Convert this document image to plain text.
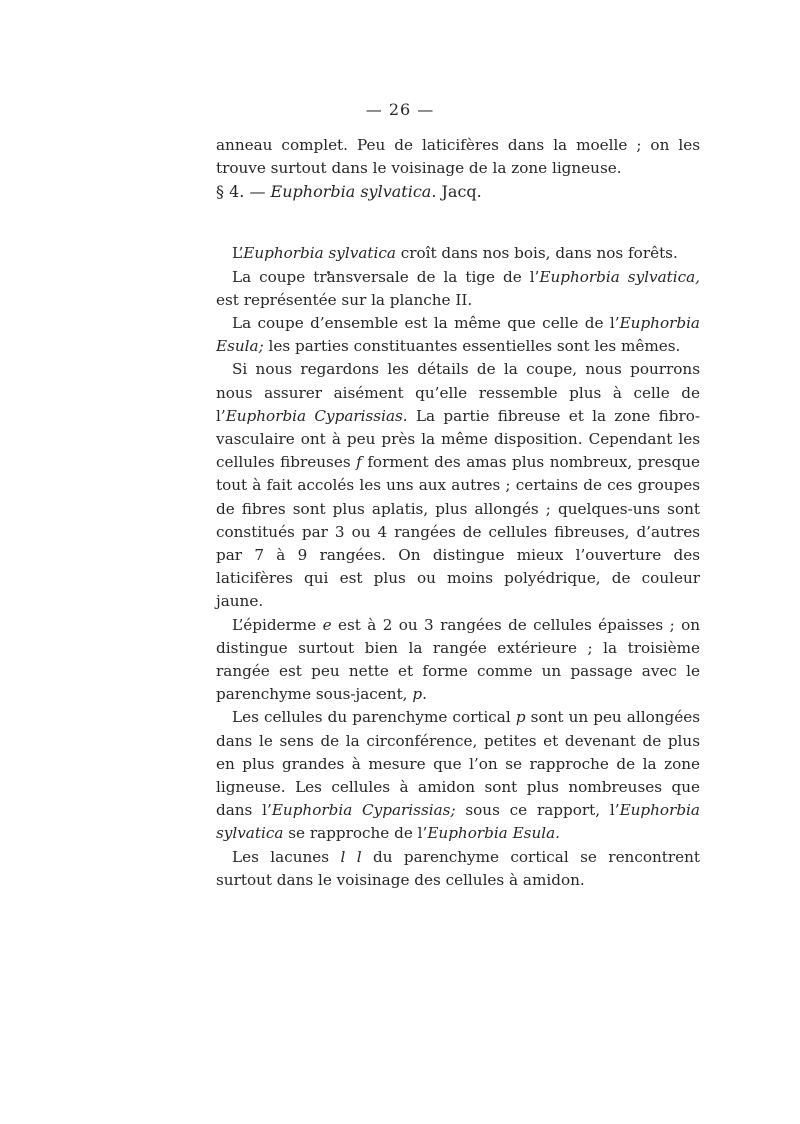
— 26 —

anneau complet. Peu de laticifères dans la moelle ; on les trouve surtout dans le voisinage de la zone ligneuse.

§ 4. — Euphorbia sylvatica. Jacq.

L’Euphorbia sylvatica croît dans nos bois, dans nos forêts.

La coupe transversale de la tige de l’Euphorbia sylvatica, est représentée sur la planche II.

La coupe d’ensemble est la même que celle de l’Euphorbia Esula; les parties constituantes essentielles sont les mêmes.

Si nous regardons les détails de la coupe, nous pourrons nous assurer aisément qu’elle ressemble plus à celle de l’Euphorbia Cyparissias. La partie fibreuse et la zone fibro-vasculaire ont à peu près la même disposition. Cependant les cellules fibreuses f forment des amas plus nombreux, presque tout à fait accolés les uns aux autres ; certains de ces groupes de fibres sont plus aplatis, plus allongés ; quelques-uns sont constitués par 3 ou 4 rangées de cellules fibreuses, d’autres par 7 à 9 rangées. On distingue mieux l’ouverture des laticifères qui est plus ou moins polyédrique, de couleur jaune.

L’épiderme e est à 2 ou 3 rangées de cellules épaisses ; on distingue surtout bien la rangée extérieure ; la troisième rangée est peu nette et forme comme un passage avec le parenchyme sous-jacent, p.

Les cellules du parenchyme cortical p sont un peu allongées dans le sens de la circonférence, petites et devenant de plus en plus grandes à mesure que l’on se rapproche de la zone ligneuse. Les cellules à amidon sont plus nombreuses que dans l’Euphorbia Cyparissias; sous ce rapport, l’Euphorbia sylvatica se rapproche de l’Euphorbia Esula.

Les lacunes l l du parenchyme cortical se rencontrent surtout dans le voisinage des cellules à amidon.
